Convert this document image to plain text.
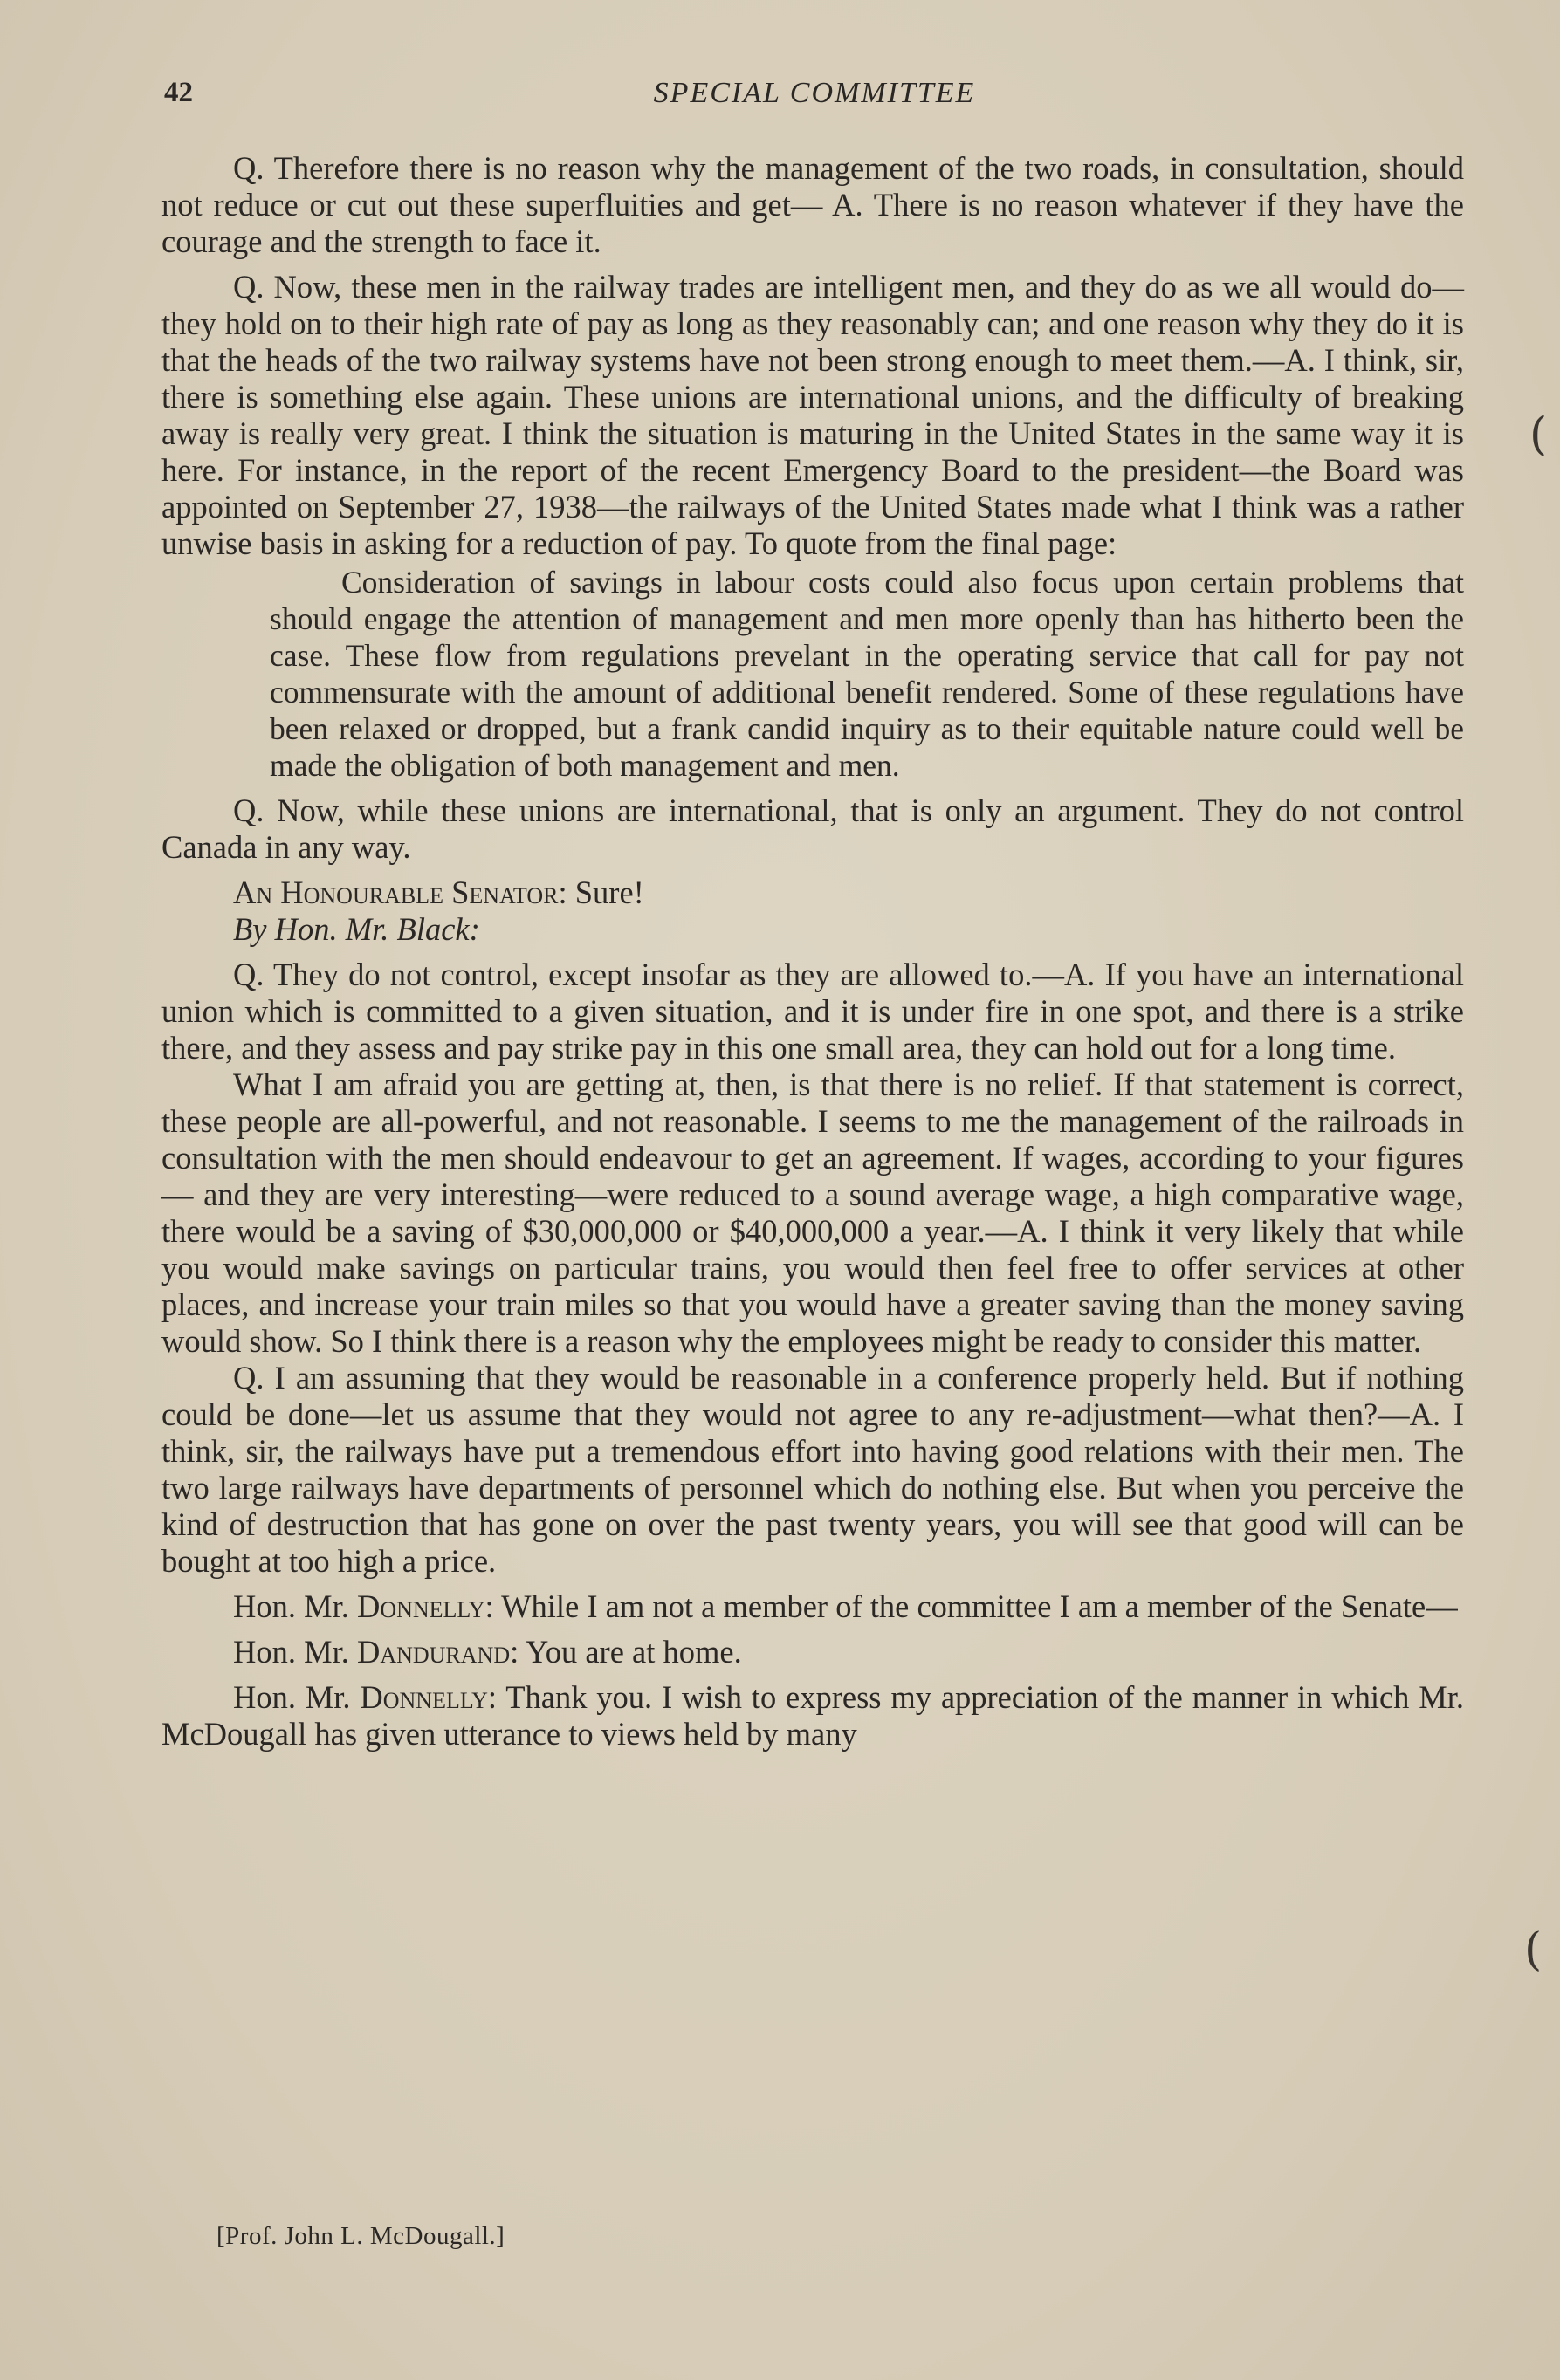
42	SPECIAL COMMITTEE

Q. Therefore there is no reason why the management of the two roads, in consultation, should not reduce or cut out these superfluities and get— A. There is no reason whatever if they have the courage and the strength to face it.

Q. Now, these men in the railway trades are intelligent men, and they do as we all would do—they hold on to their high rate of pay as long as they reasonably can; and one reason why they do it is that the heads of the two railway systems have not been strong enough to meet them.—A. I think, sir, there is something else again. These unions are international unions, and the difficulty of breaking away is really very great. I think the situation is maturing in the United States in the same way it is here. For instance, in the report of the recent Emergency Board to the president—the Board was appointed on September 27, 1938—the railways of the United States made what I think was a rather unwise basis in asking for a reduction of pay. To quote from the final page:

Consideration of savings in labour costs could also focus upon certain problems that should engage the attention of management and men more openly than has hitherto been the case. These flow from regulations prevelant in the operating service that call for pay not commensurate with the amount of additional benefit rendered. Some of these regulations have been relaxed or dropped, but a frank candid inquiry as to their equitable nature could well be made the obligation of both management and men.

Q. Now, while these unions are international, that is only an argument. They do not control Canada in any way.

An Honourable Senator: Sure!

By Hon. Mr. Black:

Q. They do not control, except insofar as they are allowed to.—A. If you have an international union which is committed to a given situation, and it is under fire in one spot, and there is a strike there, and they assess and pay strike pay in this one small area, they can hold out for a long time.

What I am afraid you are getting at, then, is that there is no relief. If that statement is correct, these people are all-powerful, and not reasonable. I seems to me the management of the railroads in consultation with the men should endeavour to get an agreement. If wages, according to your figures— and they are very interesting—were reduced to a sound average wage, a high comparative wage, there would be a saving of $30,000,000 or $40,000,000 a year.—A. I think it very likely that while you would make savings on particular trains, you would then feel free to offer services at other places, and increase your train miles so that you would have a greater saving than the money saving would show. So I think there is a reason why the employees might be ready to consider this matter.

Q. I am assuming that they would be reasonable in a conference properly held. But if nothing could be done—let us assume that they would not agree to any re-adjustment—what then?—A. I think, sir, the railways have put a tremendous effort into having good relations with their men. The two large railways have departments of personnel which do nothing else. But when you perceive the kind of destruction that has gone on over the past twenty years, you will see that good will can be bought at too high a price.

Hon. Mr. Donnelly: While I am not a member of the committee I am a member of the Senate—

Hon. Mr. Dandurand: You are at home.

Hon. Mr. Donnelly: Thank you. I wish to express my appreciation of the manner in which Mr. McDougall has given utterance to views held by many

[Prof. John L. McDougall.]
(
(
